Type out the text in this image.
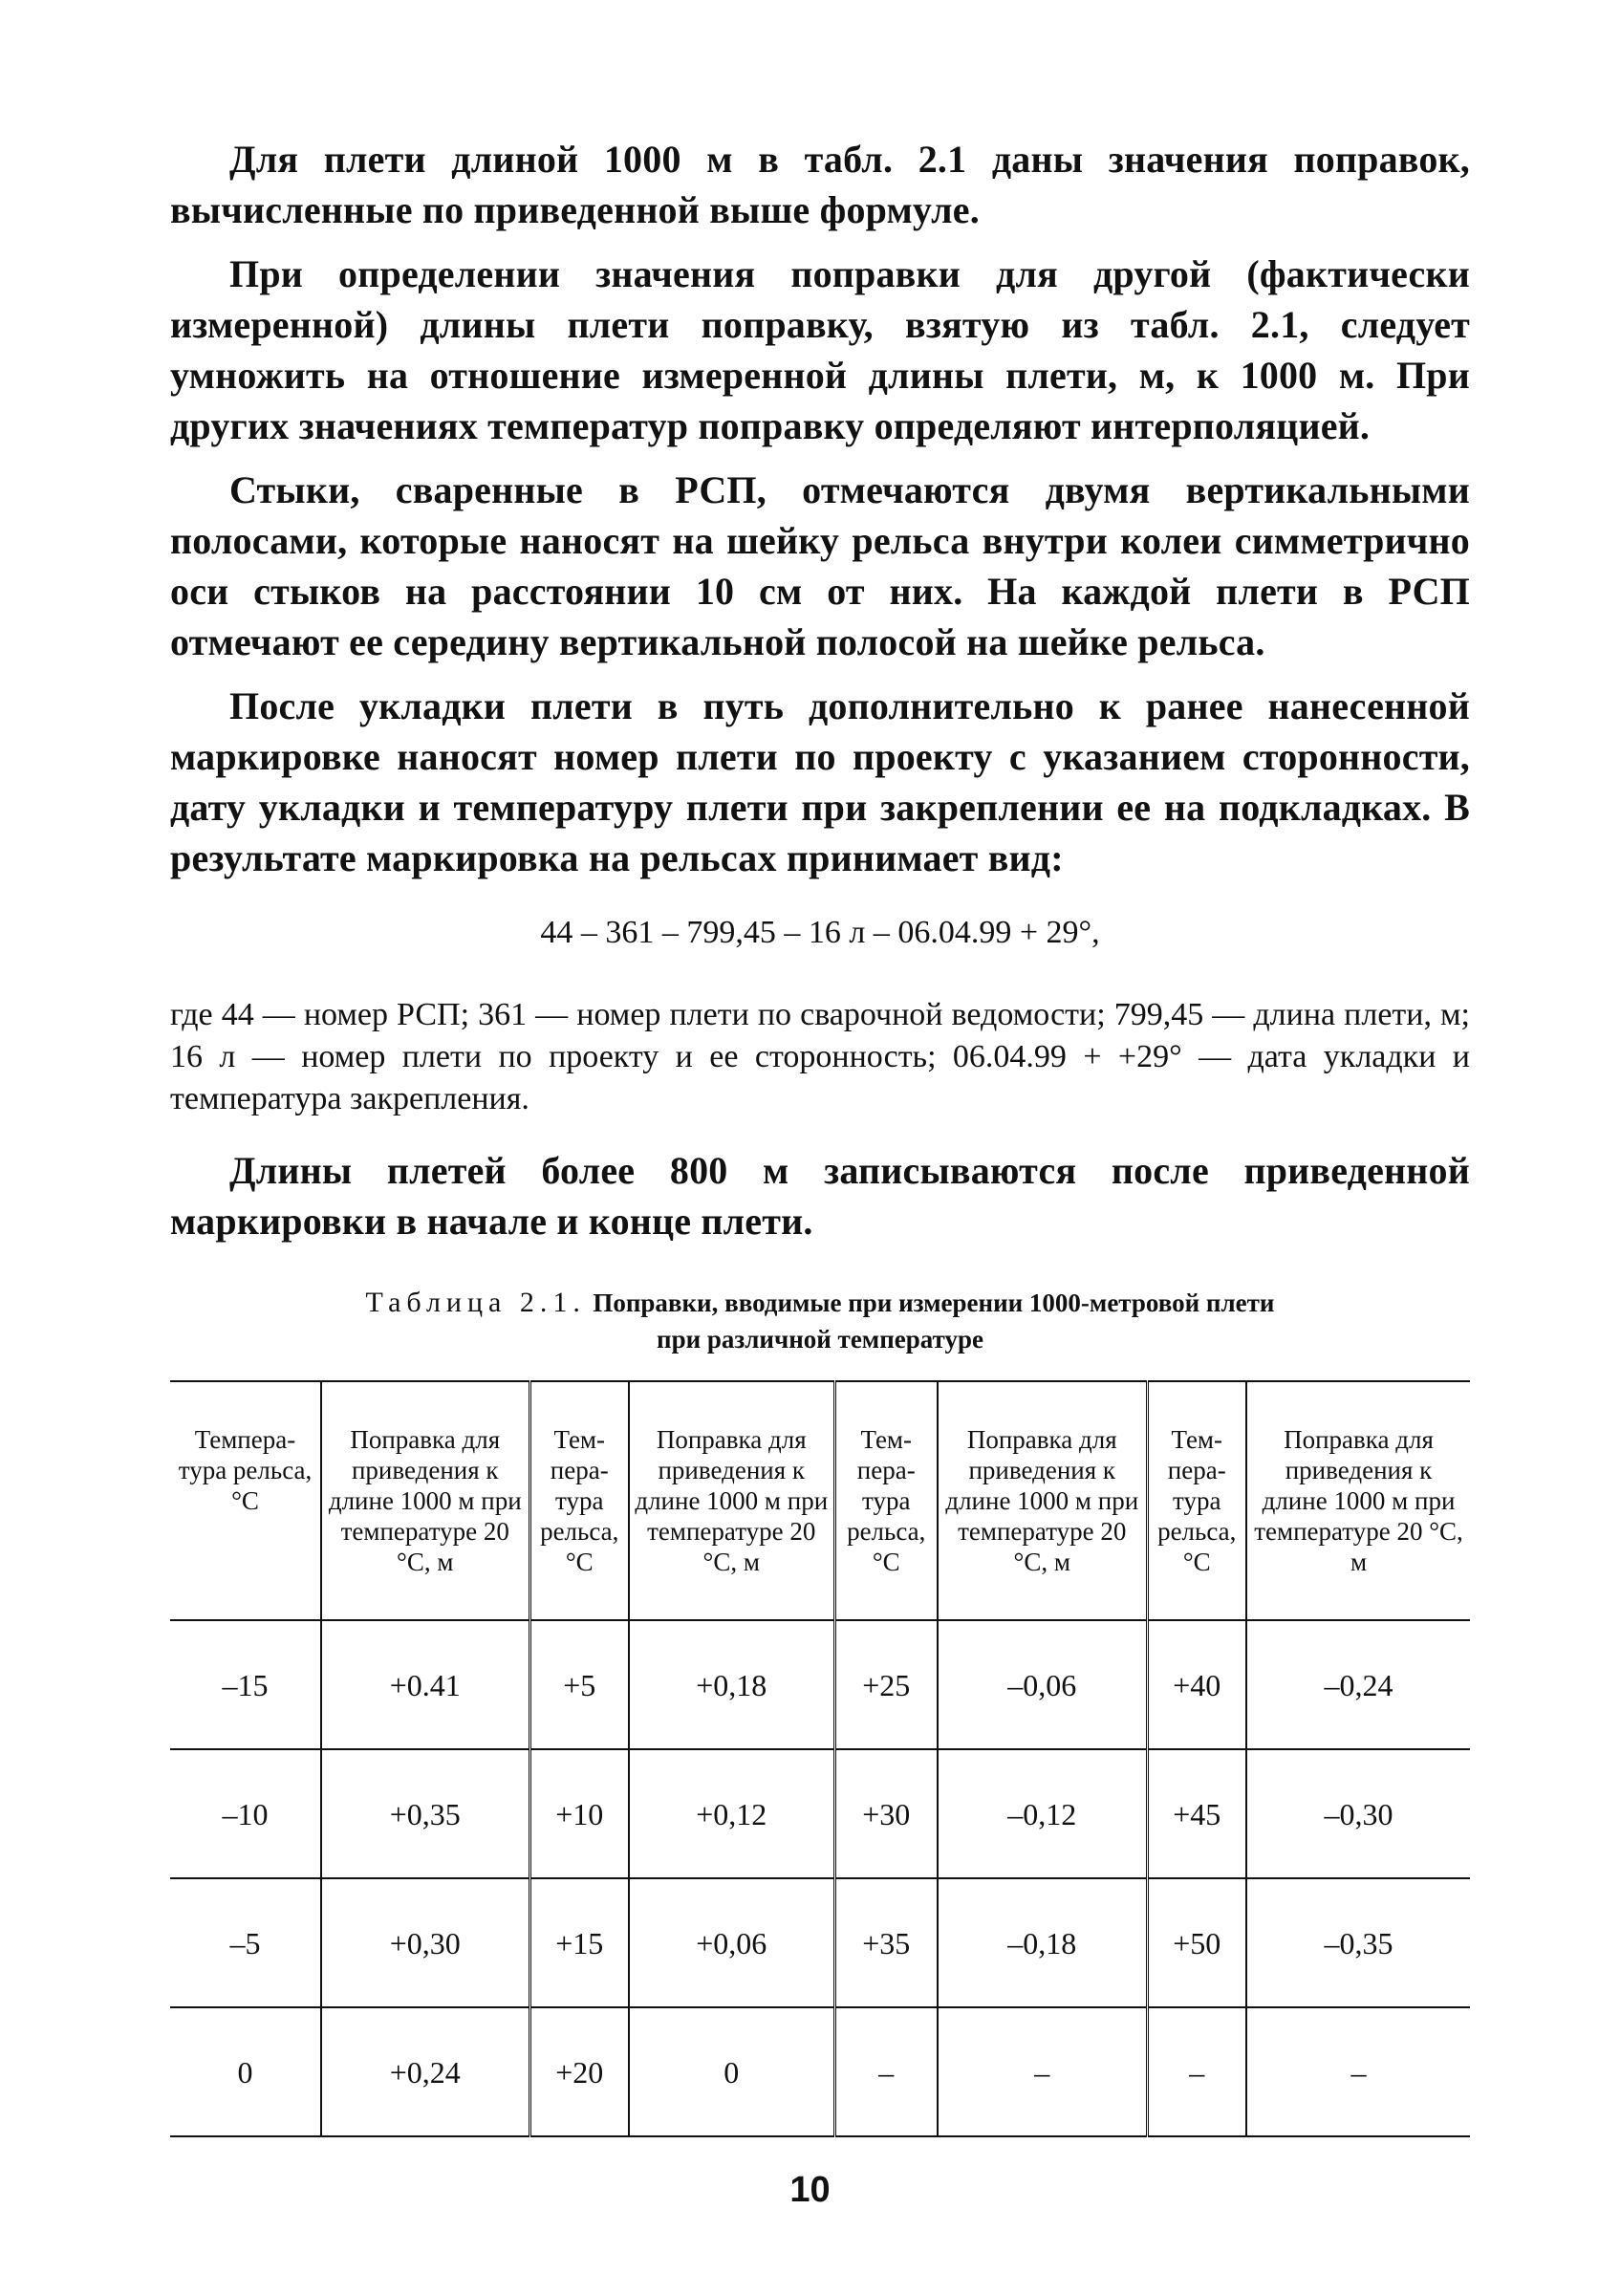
Для плети длиной 1000 м в табл. 2.1 даны значения поправок, вычисленные по приведенной выше формуле.

При определении значения поправки для другой (фактически измеренной) длины плети поправку, взятую из табл. 2.1, следует умножить на отношение измеренной длины плети, м, к 1000 м. При других значениях температур поправку определяют интерполяцией.

Стыки, сваренные в РСП, отмечаются двумя вертикальными полосами, которые наносят на шейку рельса внутри колеи симметрично оси стыков на расстоянии 10 см от них. На каждой плети в РСП отмечают ее середину вертикальной полосой на шейке рельса.

После укладки плети в путь дополнительно к ранее нанесенной маркировке наносят номер плети по проекту с указанием сторонности, дату укладки и температуру плети при закреплении ее на подкладках. В результате маркировка на рельсах принимает вид:

44 – 361 – 799,45 – 16 л – 06.04.99 + 29°,

где 44 — номер РСП; 361 — номер плети по сварочной ведомости; 799,45 — длина плети, м; 16 л — номер плети по проекту и ее сторонность; 06.04.99 + +29° — дата укладки и температура закрепления.

Длины плетей более 800 м записываются после приведенной маркировки в начале и конце плети.

Таблица 2.1. Поправки, вводимые при измерении 1000-метровой плети
при различной температуре
Темпера-тура рельса, °С	Поправка для приведения к длине 1000 м при температуре 20 °С, м	Тем-пера-тура рельса, °С	Поправка для приведения к длине 1000 м при температуре 20 °С, м	Тем-пера-тура рельса, °С	Поправка для приведения к длине 1000 м при температуре 20 °С, м	Тем-пера-тура рельса, °С	Поправка для приведения к длине 1000 м при температуре 20 °С, м
–15	+0.41	+5	+0,18	+25	–0,06	+40	–0,24
–10	+0,35	+10	+0,12	+30	–0,12	+45	–0,30
–5	+0,30	+15	+0,06	+35	–0,18	+50	–0,35
0	+0,24	+20	0	–	–	–	–
10
